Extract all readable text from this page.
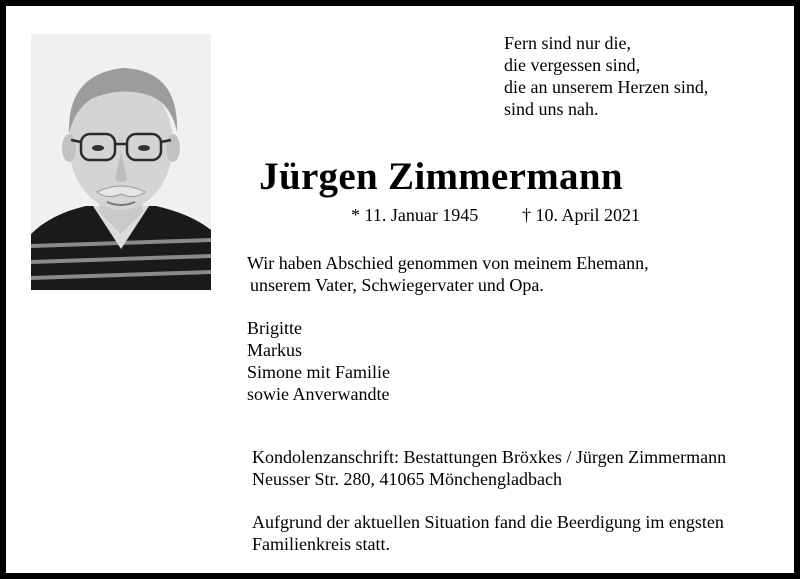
Fern sind nur die,
die vergessen sind,
die an unserem Herzen sind,
sind uns nah.
Jürgen Zimmermann
* 11. Januar 1945 † 10. April 2021
Wir haben Abschied genommen von meinem Ehemann,
unserem Vater, Schwiegervater und Opa.
Brigitte
Markus
Simone mit Familie
sowie Anverwandte
Kondolenzanschrift: Bestattungen Bröxkes / Jürgen Zimmermann
Neusser Str. 280, 41065 Mönchengladbach
Aufgrund der aktuellen Situation fand die Beerdigung im engsten
Familienkreis statt.
